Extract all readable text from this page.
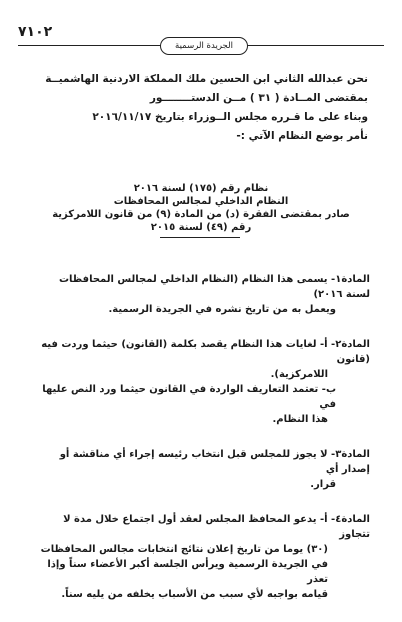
٧١٠٢
الجريدة الرسمية
نحن عبدالله الثاني ابن الحسين ملك المملكة الاردنية الهاشميــة
بمقتضى المــادة ( ٣١ ) مــن الدستــــــــور
وبناء على ما قـرره مجلس الــوزراء بتاريخ ٢٠١٦/١١/١٧
نأمر بوضع النظام الآتي :-
نظام رقم (١٧٥) لسنة ٢٠١٦
النظام الداخلي لمجالس المحافظات
صادر بمقتضى الفقرة (د) من المادة (٩) من قانون اللامركزية
رقم (٤٩) لسنة ٢٠١٥
المادة١- يسمى هذا النظام (النظام الداخلي لمجالس المحافظات لسنة ٢٠١٦)
ويعمل به من تاريخ نشره في الجريدة الرسمية.
المادة٢- أ- لغايات هذا النظام يقصد بكلمة (القانون) حيثما وردت فيه (قانون
اللامركزية).
ب- تعتمد التعاريف الواردة في القانون حيثما ورد النص عليها في
هذا النظام.
المادة٣- لا يجوز للمجلس قبل انتخاب رئيسه إجراء أي مناقشة أو إصدار أي
قرار.
المادة٤- أ- يدعو المحافظ المجلس لعقد أول اجتماع خلال مدة لا تتجاوز
(٣٠) يوما من تاريخ إعلان نتائج انتخابات مجالس المحافظات
في الجريدة الرسمية ويرأس الجلسة أكبر الأعضاء سناً وإذا تعذر
قيامه بواجبه لأي سبب من الأسباب يخلفه من يليه سناً.
